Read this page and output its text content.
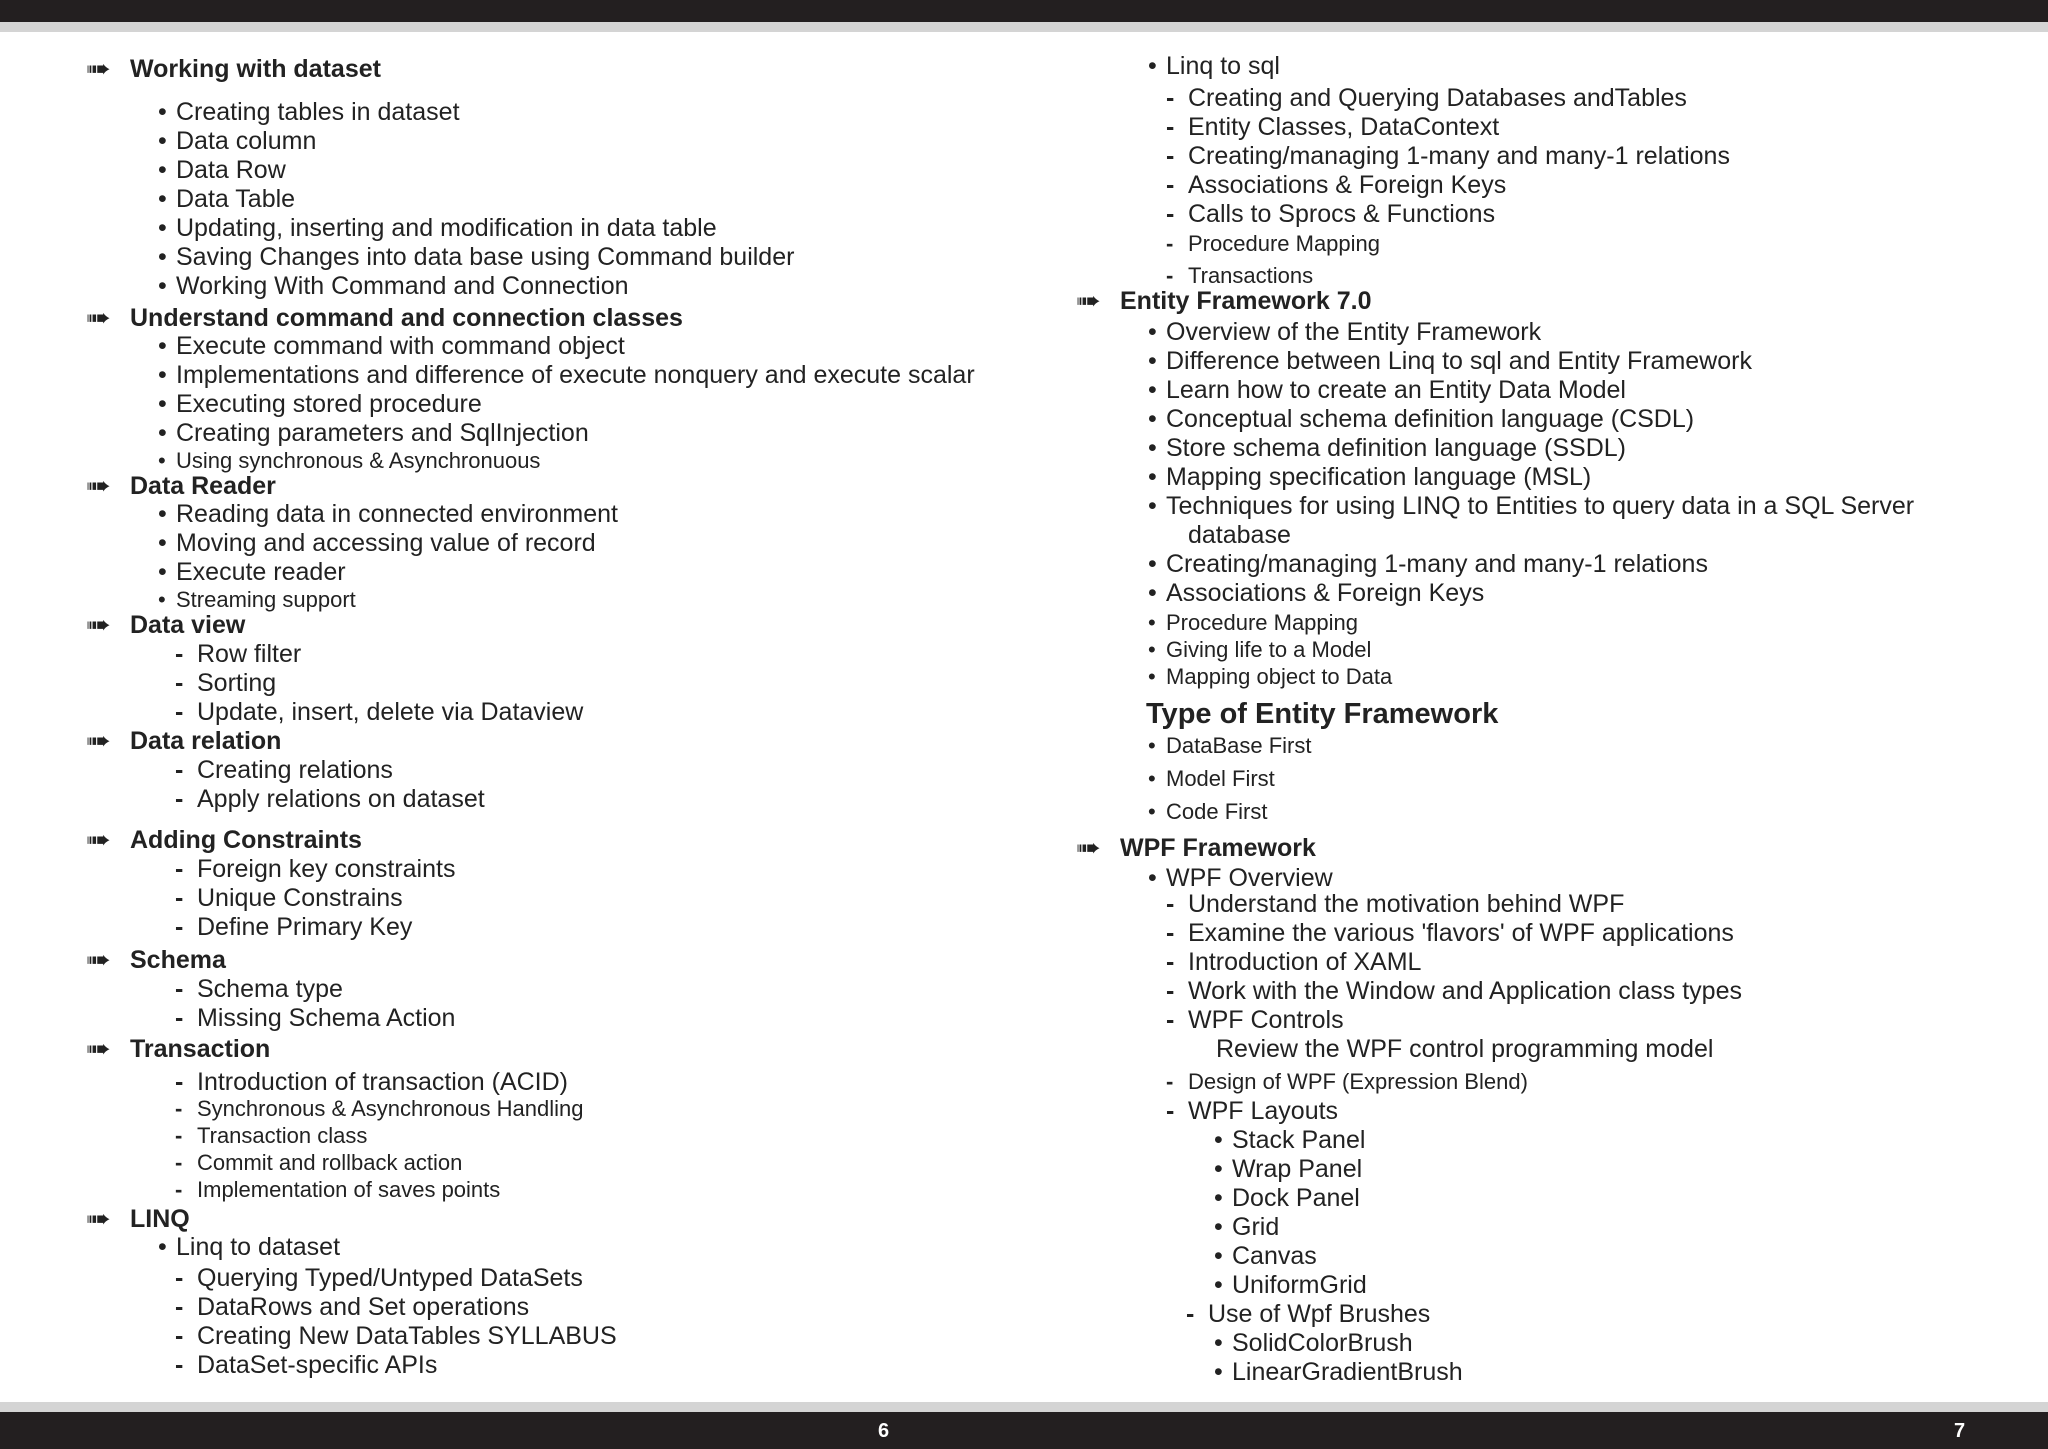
➠ Working with dataset
• Creating tables in dataset
• Data column
• Data Row
• Data Table
• Updating, inserting and modification in data table
• Saving Changes into data base using Command builder
• Working With Command and Connection
➠ Understand command and connection classes
• Execute command with command object
• Implementations and difference of execute nonquery and execute scalar
• Executing stored procedure
• Creating parameters and SqlInjection
• Using synchronous & Asynchronuous
➠ Data Reader
• Reading data in connected environment
• Moving and accessing value of record
• Execute reader
• Streaming support
➠ Data view
- Row filter
- Sorting
- Update, insert, delete via Dataview
➠ Data relation
- Creating relations
- Apply relations on dataset
➠ Adding Constraints
- Foreign key constraints
- Unique Constrains
- Define Primary Key
➠ Schema
- Schema type
- Missing Schema Action
➠ Transaction
- Introduction of transaction (ACID)
- Synchronous & Asynchronous Handling
- Transaction class
- Commit and rollback action
- Implementation of saves points
➠ LINQ
• Linq to dataset
- Querying Typed/Untyped DataSets
- DataRows and Set operations
- Creating New DataTables SYLLABUS
- DataSet-specific APIs
• Linq to sql
- Creating and Querying Databases andTables
- Entity Classes, DataContext
- Creating/managing 1-many and many-1 relations
- Associations & Foreign Keys
- Calls to Sprocs & Functions
- Procedure Mapping
- Transactions
➠ Entity Framework 7.0
• Overview of the Entity Framework
• Difference between Linq to sql and Entity Framework
• Learn how to create an Entity Data Model
• Conceptual schema definition language (CSDL)
• Store schema definition language (SSDL)
• Mapping specification language (MSL)
• Techniques for using LINQ to Entities to query data in a SQL Server
database
• Creating/managing 1-many and many-1 relations
• Associations & Foreign Keys
• Procedure Mapping
• Giving life to a Model
• Mapping object to Data
Type of Entity Framework
• DataBase First
• Model First
• Code First
➠ WPF Framework
• WPF Overview
- Understand the motivation behind WPF
- Examine the various 'flavors' of WPF applications
- Introduction of XAML
- Work with the Window and Application class types
- WPF Controls
Review the WPF control programming model
- Design of WPF (Expression Blend)
- WPF Layouts
• Stack Panel
• Wrap Panel
• Dock Panel
• Grid
• Canvas
• UniformGrid
- Use of Wpf Brushes
• SolidColorBrush
• LinearGradientBrush
6	7
